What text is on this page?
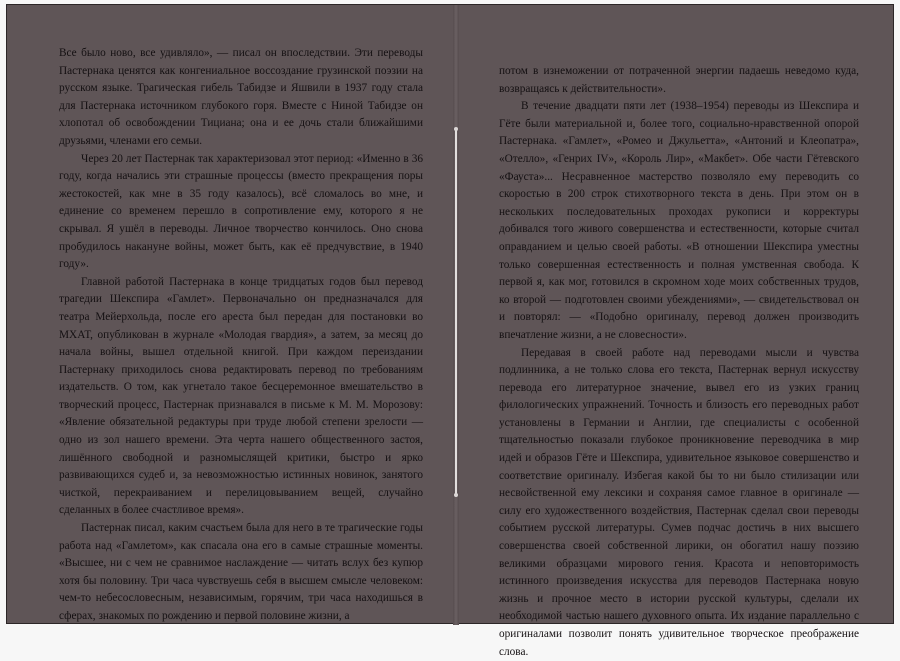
Все было ново, все удивляло», — писал он впоследствии. Эти переводы Пастернака ценятся как конгениальное воссоздание грузинской поэзии на русском языке. Трагическая гибель Табидзе и Яшвили в 1937 году стала для Пастернака источником глубокого горя. Вместе с Ниной Табидзе он хлопотал об освобождении Тициана; она и ее дочь стали ближайшими друзьями, членами его семьи.

Через 20 лет Пастернак так характеризовал этот период: «Именно в 36 году, когда начались эти страшные процессы (вместо прекращения поры жестокостей, как мне в 35 году казалось), всё сломалось во мне, и единение со временем перешло в сопротивление ему, которого я не скрывал. Я ушёл в переводы. Личное творчество кончилось. Оно снова пробудилось накануне войны, может быть, как её предчувствие, в 1940 году».

Главной работой Пастернака в конце тридцатых годов был перевод трагедии Шекспира «Гамлет». Первоначально он предназначался для театра Мейерхольда, после его ареста был передан для постановки во МХАТ, опубликован в журнале «Молодая гвардия», а затем, за месяц до начала войны, вышел отдельной книгой. При каждом переиздании Пастернаку приходилось снова редактировать перевод по требованиям издательств. О том, как угнетало такое бесцеремонное вмешательство в творческий процесс, Пастернак признавался в письме к М. М. Морозову: «Явление обязательной редактуры при труде любой степени зрелости — одно из зол нашего времени. Эта черта нашего общественного застоя, лишённого свободной и разномыслящей критики, быстро и ярко развивающихся судеб и, за невозможностью истинных новинок, занятого чисткой, перекраиванием и перелицовыванием вещей, случайно сделанных в более счастливое время».

Пастернак писал, каким счастьем была для него в те трагические годы работа над «Гамлетом», как спасала она его в самые страшные моменты. «Высшее, ни с чем не сравнимое наслаждение — читать вслух без купюр хотя бы половину. Три часа чувствуешь себя в высшем смысле человеком: чем-то небесословесным, независимым, горячим, три часа находишься в сферах, знакомых по рождению и первой половине жизни, а

потом в изнеможении от потраченной энергии падаешь неведомо куда, возвращаясь к действительности».

В течение двадцати пяти лет (1938–1954) переводы из Шекспира и Гёте были материальной и, более того, социально-нравственной опорой Пастернака. «Гамлет», «Ромео и Джульетта», «Антоний и Клеопатра», «Отелло», «Генрих IV», «Король Лир», «Макбет». Обе части Гётевского «Фауста»... Несравненное мастерство позволяло ему переводить со скоростью в 200 строк стихотворного текста в день. При этом он в нескольких последовательных проходах рукописи и корректуры добивался того живого совершенства и естественности, которые считал оправданием и целью своей работы. «В отношении Шекспира уместны только совершенная естественность и полная умственная свобода. К первой я, как мог, готовился в скромном ходе моих собственных трудов, ко второй — подготовлен своими убеждениями», — свидетельствовал он и повторял: — «Подобно оригиналу, перевод должен производить впечатление жизни, а не словесности».

Передавая в своей работе над переводами мысли и чувства подлинника, а не только слова его текста, Пастернак вернул искусству перевода его литературное значение, вывел его из узких границ филологических упражнений. Точность и близость его переводных работ установлены в Германии и Англии, где специалисты с особенной тщательностью показали глубокое проникновение переводчика в мир идей и образов Гёте и Шекспира, удивительное языковое совершенство и соответствие оригиналу. Избегая какой бы то ни было стилизации или несвойственной ему лексики и сохраняя самое главное в оригинале — силу его художественного воздействия, Пастернак сделал свои переводы событием русской литературы. Сумев подчас достичь в них высшего совершенства своей собственной лирики, он обогатил нашу поэзию великими образцами мирового гения. Красота и неповторимость истинного произведения искусства для переводов Пастернака новую жизнь и прочное место в истории русской культуры, сделали их необходимой частью нашего духовного опыта. Их издание параллельно с оригиналами позволит понять удивительное творческое преображение слова.
